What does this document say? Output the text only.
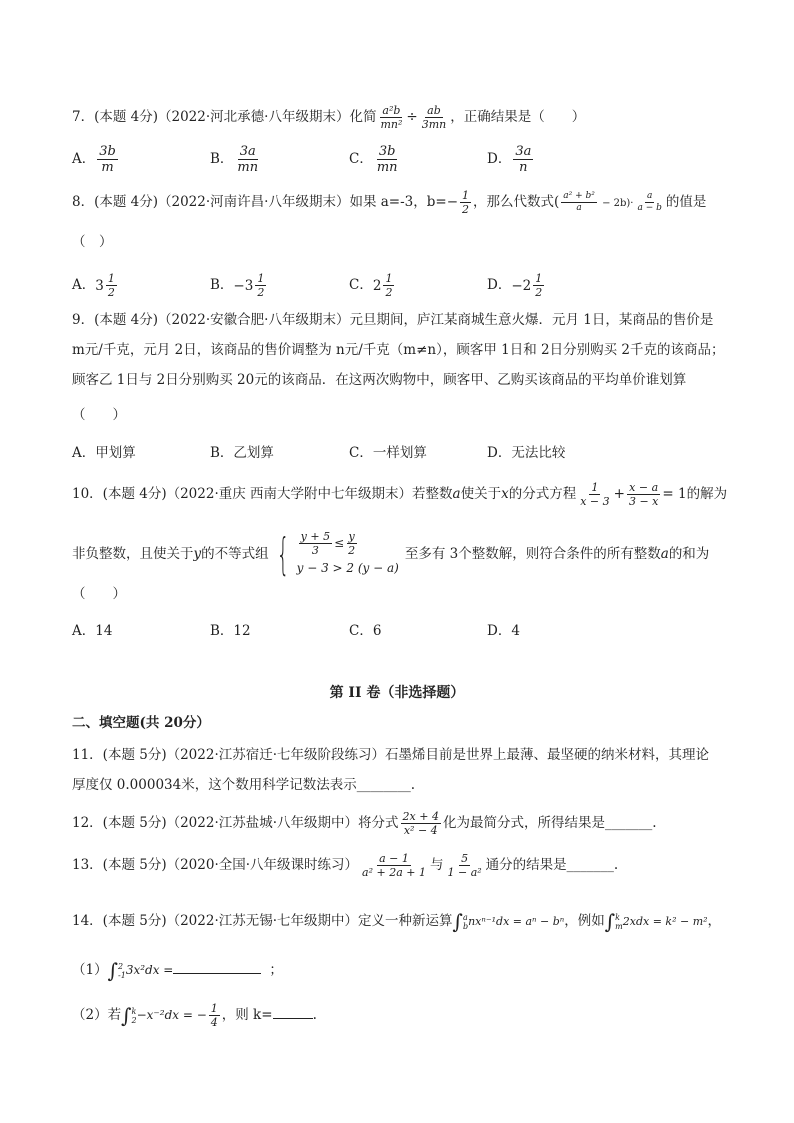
7．(本题 4分)（2022·河北承德·八年级期末）化简 $\frac{\text{a²b}}{\text{mn²}} \div \frac{ab}{3mn}$ ，正确结果是（　　）
A． $\frac{3b}{m}$	B． $\frac{3a}{mn}$	C． $\frac{3b}{mn}$	D． $\frac{3a}{n}$
8．(本题 4分)（2022·河南许昌·八年级期末）如果 a=-3，$b=- \frac{1}{2}$ ，那么代数式( $\frac{\text{a² + b²}}{a} - 2b)\cdot \frac{a}{a - b}$ 的值是
（　）
A． $3 \frac{1}{2}$	B． $-3 \frac{1}{2}$	C． $2 \frac{1}{2}$	D． $-2 \frac{1}{2}$
9．(本题 4分)（2022·安徽合肥·八年级期末）元旦期间，庐江某商城生意火爆．元月 1日，某商品的售价是
m元/千克，元月 2日，该商品的售价调整为 n元/千克（m≠n），顾客甲 1日和 2日分别购买 2千克的该商品；
顾客乙 1日与 2日分别购买 20元的该商品．在这两次购物中，顾客甲、乙购买该商品的平均单价谁划算
（　　）
A．甲划算	B．乙划算	C．一样划算	D．无法比较
10．(本题 4分)（2022·重庆 西南大学附中七年级期末）若整数a使关于x的分式方程 $\frac{1}{x - 3} + \frac{x - a}{3 - x} = 1$的解为
非负整数，且使关于y的不等式组 { $\frac{y + 5}{3} \le \frac{y}{2}$
y − 3 > 2 (y − a)
至多有 3个整数解，则符合条件的所有整数a的和为
（　　）
A．14	B．12	C．6	D．4
第 II 卷（非选择题）
二、填空题(共 20分）
11．(本题 5分)（2022·江苏宿迁·七年级阶段练习）石墨烯目前是世界上最薄、最坚硬的纳米材料，其理论
厚度仅 0.000034米，这个数用科学记数法表示________.
12．(本题 5分)（2022·江苏盐城·八年级期中）将分式 $\frac{2x + 4}{\text{x² − 4}}$ 化为最简分式，所得结果是_______.
13．(本题 5分)（2020·全国·八年级课时练习） $\frac{a - 1}{\text{a² + 2a + 1}}$ 与 $\frac{5}{\text{1 − a²}}$ 通分的结果是_______.
14．(本题 5分)（2022·江苏无锡·七年级期中）定义一种新运算∫ a
b nxⁿ⁻¹dx = aⁿ − bⁿ，例如∫ k
m 2xdx = k² − m²，
（1）∫ 2
-1 3x²dx =	；
（2）若∫ k
2 −x⁻²dx = − $\frac{1}{4}$ ，则 k=	.
